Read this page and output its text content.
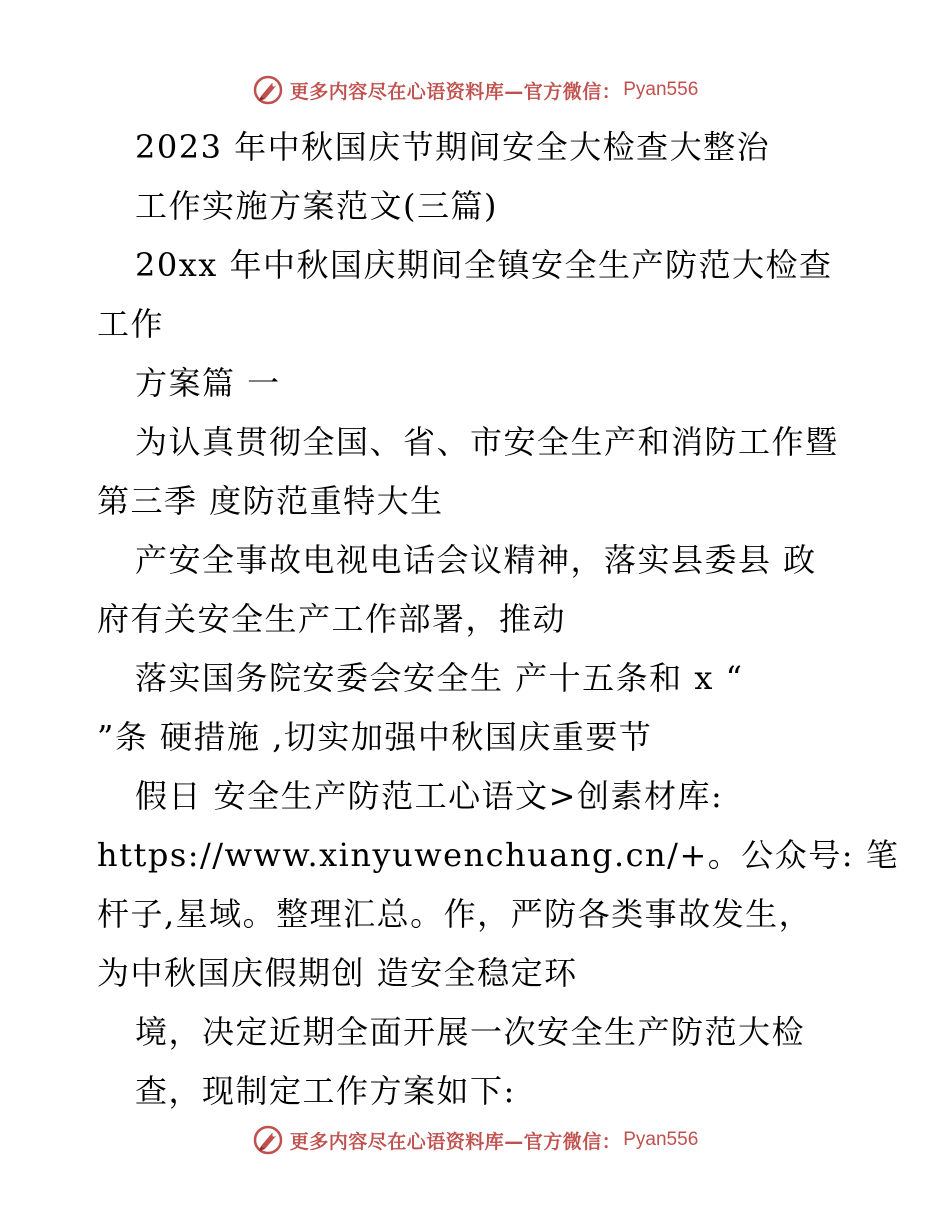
更多内容尽在心语资料库—官方微信： Pyan556
2023 年中秋国庆节期间安全大检查大整治
工作实施方案范文(三篇)
20xx 年中秋国庆期间全镇安全生产防范大检查
工作
方案篇 一
为认真贯彻全国、省、市安全生产和消防工作暨
第三季 度防范重特大生
产安全事故电视电话会议精神，落实县委县 政
府有关安全生产工作部署，推动
落实国务院安委会安全生 产十五条和 x “
”条 硬措施 ,切实加强中秋国庆重要节
假日 安全生产防范工心语文>创素材库:
https://www.xinyuwenchuang.cn/+。公众号: 笔
杆子,星域。整理汇总。作，严防各类事故发生，
为中秋国庆假期创 造安全稳定环
境，决定近期全面开展一次安全生产防范大检
查，现制定工作方案如下:
更多内容尽在心语资料库—官方微信： Pyan556
